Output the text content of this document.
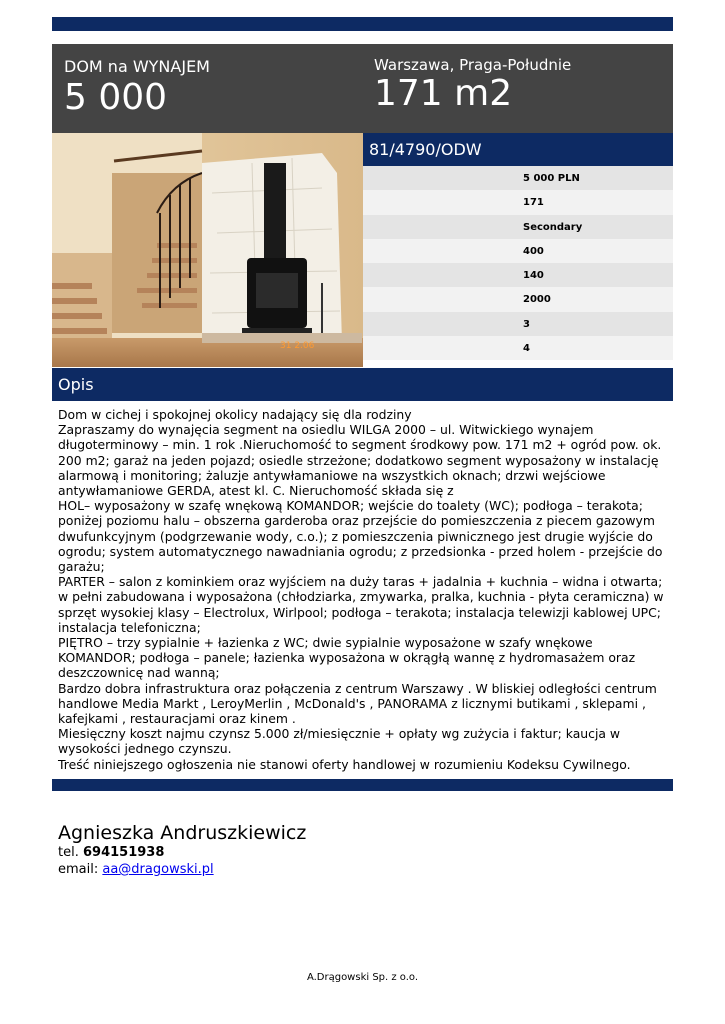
DOM na WYNAJEM
5 000
Warszawa, Praga-Południe
171 m2
31 2.06
81/4790/ODW
5 000 PLN
171
Secondary
400
140
2000
3
4
Opis

Dom w cichej i spokojnej okolicy nadający się dla rodziny

Zapraszamy do wynajęcia segment na osiedlu WILGA 2000 – ul. Witwickiego wynajem długoterminowy – min. 1 rok .Nieruchomość to segment środkowy pow. 171 m2 + ogród pow. ok. 200 m2; garaż na jeden pojazd; osiedle strzeżone; dodatkowo segment wyposażony w instalację alarmową i monitoring; żaluzje antywłamaniowe na wszystkich oknach; drzwi wejściowe antywłamaniowe GERDA, atest kl. C. Nieruchomość składa się z

HOL– wyposażony w szafę wnękową KOMANDOR; wejście do toalety (WC); podłoga – terakota; poniżej poziomu halu – obszerna garderoba oraz przejście do pomieszczenia z piecem gazowym dwufunkcyjnym (podgrzewanie wody, c.o.); z pomieszczenia piwnicznego jest drugie wyjście do ogrodu; system automatycznego nawadniania ogrodu; z przedsionka - przed holem - przejście do garażu;

PARTER – salon z kominkiem oraz wyjściem na duży taras + jadalnia + kuchnia – widna i otwarta; w pełni zabudowana i wyposażona (chłodziarka, zmywarka, pralka, kuchnia - płyta ceramiczna) w sprzęt wysokiej klasy – Electrolux, Wirlpool; podłoga – terakota; instalacja telewizji kablowej UPC; instalacja telefoniczna;

PIĘTRO – trzy sypialnie + łazienka z WC; dwie sypialnie wyposażone w szafy wnękowe KOMANDOR; podłoga – panele; łazienka wyposażona w okrągłą wannę z hydromasażem oraz deszczownicę nad wanną;

Bardzo dobra infrastruktura oraz połączenia z centrum Warszawy . W bliskiej odległości centrum handlowe Media Markt , LeroyMerlin , McDonald's , PANORAMA z licznymi butikami , sklepami , kafejkami , restauracjami oraz kinem .

Miesięczny koszt najmu czynsz 5.000 zł/miesięcznie + opłaty wg zużycia i faktur; kaucja w wysokości jednego czynszu.

Treść niniejszego ogłoszenia nie stanowi oferty handlowej w rozumieniu Kodeksu Cywilnego.

Agnieszka Andruszkiewicz
tel. 694151938
email: aa@dragowski.pl
A.Drągowski Sp. z o.o.
